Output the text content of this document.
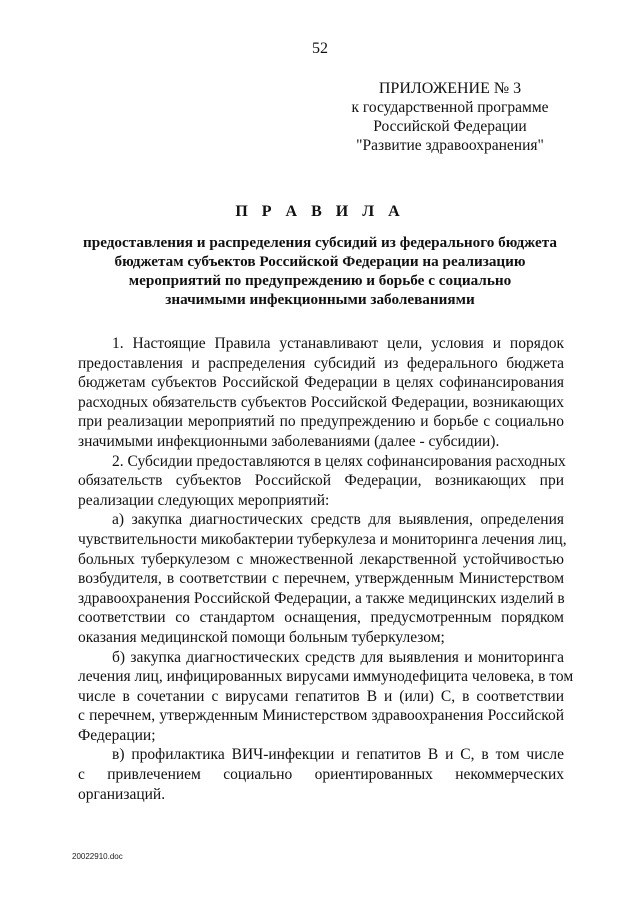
52
ПРИЛОЖЕНИЕ № 3
к государственной программе
Российской Федерации
"Развитие здравоохранения"
П Р А В И Л А
предоставления и распределения субсидий из федерального бюджета
бюджетам субъектов Российской Федерации на реализацию
мероприятий по предупреждению и борьбе с социально
значимыми инфекционными заболеваниями
1. Настоящие Правила устанавливают цели, условия и порядок
предоставления и распределения субсидий из федерального бюджета
бюджетам субъектов Российской Федерации в целях софинансирования
расходных обязательств субъектов Российской Федерации, возникающих
при реализации мероприятий по предупреждению и борьбе с социально
значимыми инфекционными заболеваниями (далее - субсидии).
2. Субсидии предоставляются в целях софинансирования расходных
обязательств субъектов Российской Федерации, возникающих при
реализации следующих мероприятий:
а) закупка диагностических средств для выявления, определения
чувствительности микобактерии туберкулеза и мониторинга лечения лиц,
больных туберкулезом с множественной лекарственной устойчивостью
возбудителя, в соответствии с перечнем, утвержденным Министерством
здравоохранения Российской Федерации, а также медицинских изделий в
соответствии со стандартом оснащения, предусмотренным порядком
оказания медицинской помощи больным туберкулезом;
б) закупка диагностических средств для выявления и мониторинга
лечения лиц, инфицированных вирусами иммунодефицита человека, в том
числе в сочетании с вирусами гепатитов В и (или) С, в соответствии
с перечнем, утвержденным Министерством здравоохранения Российской
Федерации;
в) профилактика ВИЧ-инфекции и гепатитов В и С, в том числе
с привлечением социально ориентированных некоммерческих
организаций.
20022910.doc
